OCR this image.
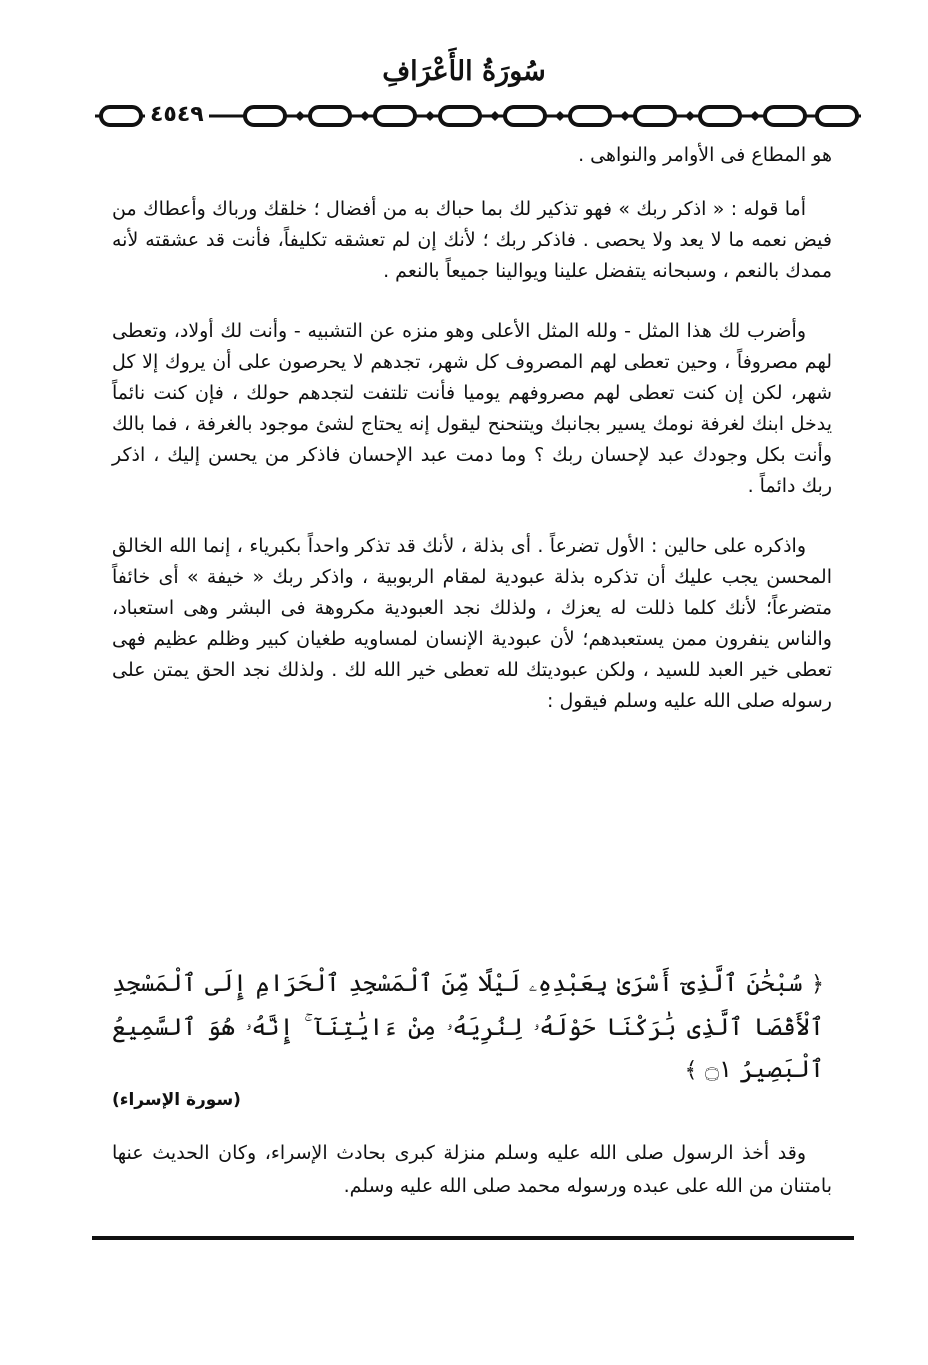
سُورَةُ الأَعْرَافِ
٤٥٤٩

هو المطاع فى الأوامر والنواهى .

أما قوله : « اذكر ربك » فهو تذكير لك بما حباك به من أفضال ؛ خلقك ورباك وأعطاك من فيض نعمه ما لا يعد ولا يحصى . فاذكر ربك ؛ لأنك إن لم تعشقه تكليفاً، فأنت قد عشقته لأنه ممدك بالنعم ، وسبحانه يتفضل علينا ويوالينا جميعاً بالنعم .

وأضرب لك هذا المثل - ولله المثل الأعلى وهو منزه عن التشبيه - وأنت لك أولاد، وتعطى لهم مصروفاً ، وحين تعطى لهم المصروف كل شهر، تجدهم لا يحرصون على أن يروك إلا كل شهر، لكن إن كنت تعطى لهم مصروفهم يوميا فأنت تلتفت لتجدهم حولك ، فإن كنت نائماً يدخل ابنك لغرفة نومك يسير بجانبك ويتنحنح ليقول إنه يحتاج لشئ موجود بالغرفة ، فما بالك وأنت بكل وجودك عبد لإحسان ربك ؟ وما دمت عبد الإحسان فاذكر من يحسن إليك ، اذكر ربك دائماً .

واذكره على حالين : الأول تضرعاً . أى بذلة ، لأنك قد تذكر واحداً بكبرياء ، إنما الله الخالق المحسن يجب عليك أن تذكره بذلة عبودية لمقام الربوبية ، واذكر ربك « خيفة » أى خائفاً متضرعاً؛ لأنك كلما ذللت له يعزك ، ولذلك نجد العبودية مكروهة فى البشر وهى استعباد، والناس ينفرون ممن يستعبدهم؛ لأن عبودية الإنسان لمساويه طغيان كبير وظلم عظيم فهى تعطى خير العبد للسيد ، ولكن عبوديتك لله تعطى خير الله لك . ولذلك نجد الحق يمتن على رسوله صلى الله عليه وسلم فيقول :

﴿ سُبْحَٰنَ ٱلَّذِىٓ أَسْرَىٰ بِعَبْدِهِۦ لَيْلًا مِّنَ ٱلْمَسْجِدِ ٱلْحَرَامِ إِلَى ٱلْمَسْجِدِ ٱلْأَقْصَا ٱلَّذِى بَٰرَكْنَا حَوْلَهُۥ لِنُرِيَهُۥ مِنْ ءَايَٰتِنَآ ۚ إِنَّهُۥ هُوَ ٱلسَّمِيعُ ٱلْبَصِيرُ ۝١ ﴾
(سورة الإسراء)

وقد أخذ الرسول صلى الله عليه وسلم منزلة كبرى بحادث الإسراء، وكان الحديث عنها بامتنان من الله على عبده ورسوله محمد صلى الله عليه وسلم.
